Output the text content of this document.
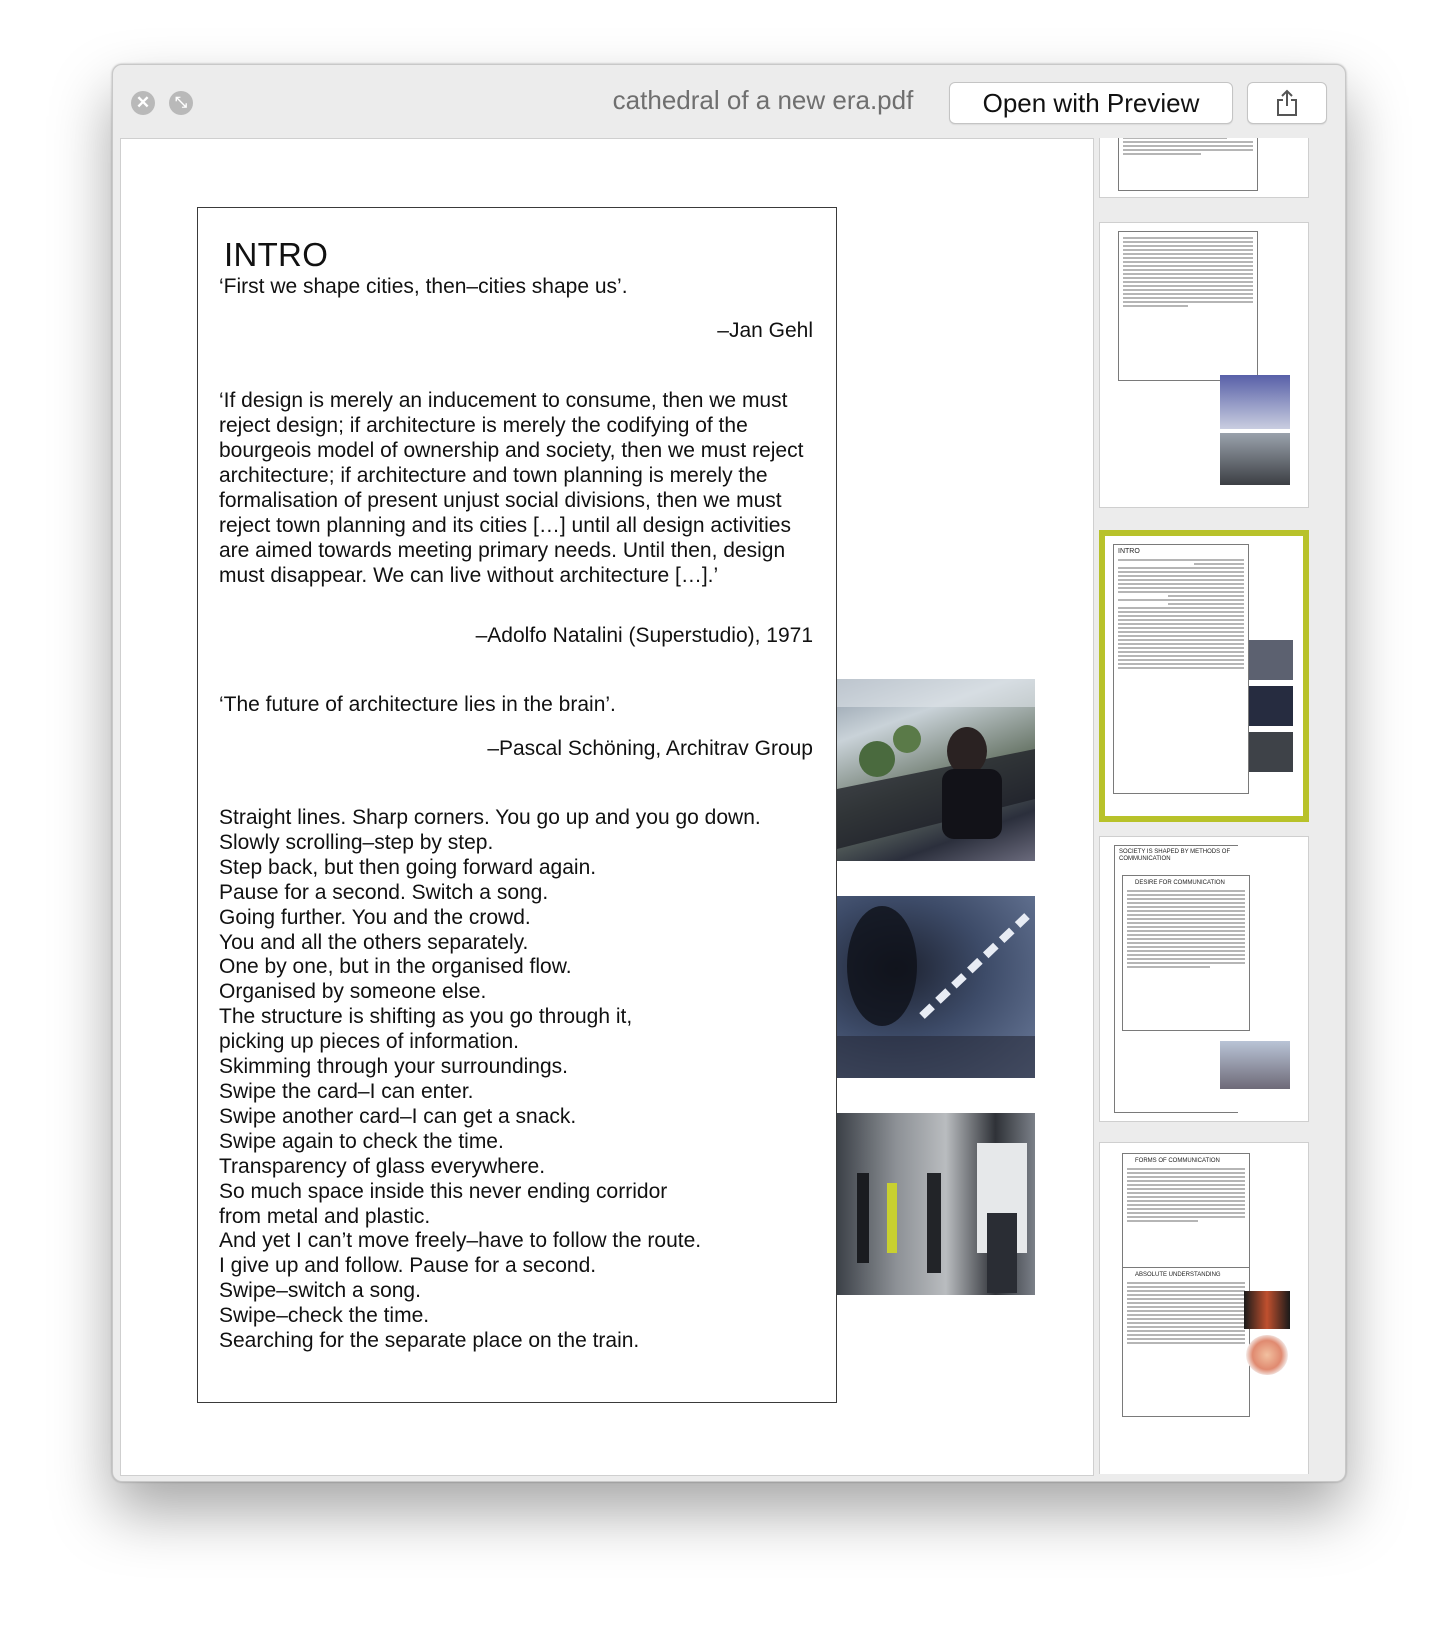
✕	⤡	cathedral of a new era.pdf	Open with Preview
INTRO
‘First we shape cities, then–cities shape us’.
–Jan Gehl
‘If design is merely an inducement to consume, then we must reject design; if architecture is merely the codifying of the bourgeois model of ownership and society, then we must reject architecture; if architecture and town planning is merely the formalisation of present unjust social divisions, then we must reject town planning and its cities […] until all design activities are aimed towards meeting primary needs. Until then, design must disappear. We can live without architecture […].’
–Adolfo Natalini (Superstudio), 1971
‘The future of architecture lies in the brain’.
–Pascal Schöning, Architrav Group
Straight lines. Sharp corners. You go up and you go down.
Slowly scrolling–step by step.
Step back, but then going forward again.
Pause for a second. Switch a song.
Going further. You and the crowd.
You and all the others separately.
One by one, but in the organised flow.
Organised by someone else.
The structure is shifting as you go through it,
picking up pieces of information.
Skimming through your surroundings.
Swipe the card–I can enter.
Swipe another card–I can get a snack.
Swipe again to check the time.
Transparency of glass everywhere.
So much space inside this never ending corridor
from metal and plastic.
And yet I can’t move freely–have to follow the route.
I give up and follow. Pause for a second.
Swipe–switch a song.
Swipe–check the time.
Searching for the separate place on the train.
INTRO
SOCIETY IS SHAPED BY METHODS OF COMMUNICATION
DESIRE FOR COMMUNICATION
FORMS OF COMMUNICATION
ABSOLUTE UNDERSTANDING
